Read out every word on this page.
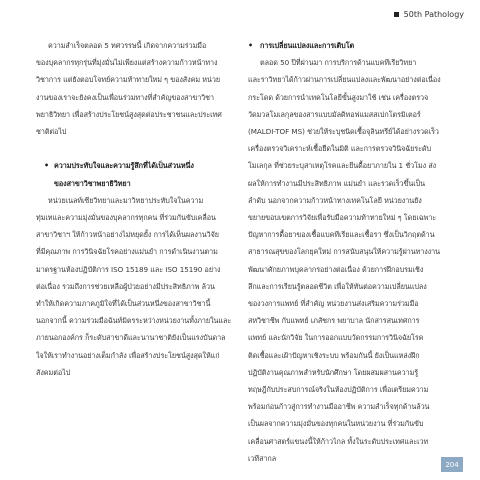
50th Pathology

ความสำเร็จตลอด 5 ทศวรรษนี้ เกิดจากความร่วมมือ

ของบุคลากรทุกรุ่นที่มุ่งมั่นไม่เพียงแต่สร้างความก้าวหน้าทาง

วิชาการ แต่ยังตอบโจทย์ความท้าทายใหม่ ๆ ของสังคม หน่วย

งานของเราจะยังคงเป็นเพื่อนร่วมทางที่สำคัญของสาขาวิชา

พยาธิวิทยา เพื่อสร้างประโยชน์สูงสุดต่อประชาชนและประเทศ

ชาติต่อไป

• ความประทับใจและความรู้สึกที่ได้เป็นส่วนหนึ่ง

ของสาขาวิชาพยาธิวิทยา

หน่วยเนลท์เซียวิทยาและมาวิทยาประทับใจในความ

ทุ่มเทและความมุ่งมั่นของบุคลากรทุกคน ที่ร่วมกันขับเคลื่อน

สาขาวิชาฯ ให้ก้าวหน้าอย่างไม่หยุดยั้ง การได้เห็นผลงานวิจัย

ที่มีคุณภาพ การวินิจฉัยโรคอย่างแม่นยำ การดำเนินงานตาม

มาตรฐานห้องปฏิบัติการ ISO 15189 และ ISO 15190 อย่าง

ต่อเนื่อง รวมถึงการช่วยเหลือผู้ป่วยอย่างมีประสิทธิภาพ ล้วน

ทำให้เกิดความภาคภูมิใจที่ได้เป็นส่วนหนึ่งของสาขาวิชานี้

นอกจากนี้ ความร่วมมือฉันท์มิตรระหว่างหน่วยงานทั้งภายในและ

ภายนอกองค์กร ก็ระดับสาขาดีและนานาชาติยังเป็นแรงบันดาล

ใจให้เราทำงานอย่างเต็มกำลัง เพื่อสร้างประโยชน์สูงสุดให้แก่

สังคมต่อไป

• การเปลี่ยนแปลงและการเติบโต

ตลอด 50 ปีที่ผ่านมา การบริการด้านแบคทีเรียวิทยา

และราวิทยาได้ก้าวผ่านการเปลี่ยนแปลงและพัฒนาอย่างต่อเนื่อง

กระโดด ด้วยการนำเทคโนโลยีขั้นสูงมาใช้ เช่น เครื่องตรวจ

วัดมวลโมเลกุลของสารแบบมัลดิทอฟแมสสเปกโตรมิเตอร์

(MALDI-TOF MS) ช่วยให้ระบุชนิดเชื้อจุลินทรีย์ได้อย่างรวดเร็ว

เครื่องตรวจวิเคราะห์เชื้อยืดในมิติ และการตรวจวินิจฉัยระดับ

โมเลกุล ที่ช่วยระบุสาเหตุโรคและยีนดื้อยาภายใน 1 ชั่วโมง ส่ง

ผลให้การทำงานมีประสิทธิภาพ แม่นยำ และรวดเร็วขึ้นเป็น

ลำดับ นอกจากความก้าวหน้าทางเทคโนโลยี หน่วยงานยัง

ขยายขอบเขตการวิจัยเพื่อรับมือความท้าทายใหม่ ๆ โดยเฉพาะ

ปัญหาการดื้อยาของเชื้อแบคทีเรียและเชื้อรา ซึ่งเป็นวิกฤตด้าน

สาธารณสุขของโลกยุคใหม่ การสนับสนุนให้ความรู้ผ่านทางงาน

พัฒนาศักยภาพบุคลากรอย่างต่อเนื่อง ด้วยการฝึกอบรมเชิง

ลึกและการเรียนรู้ตลอดชีวิต เพื่อให้ทันต่อความเปลี่ยนแปลง

ของวงการแพทย์ ที่สำคัญ หน่วยงานส่งเสริมความร่วมมือ

สหวิชาชีพ กับแพทย์ เภสัชกร พยาบาล นักสารสนเทศการ

แพทย์ และนักวิจัย ในการออกแบบวัดกรรมการวินิจฉัยโรค

ติดเชื้อและเฝ้าปัญหาเชิงระบบ พร้อมกันนี้ ยังเป็นแหล่งฝึก

ปฏิบัติงานคุณภาพสำหรับนักศึกษา โดยผสมผสานความรู้

ทฤษฎีกับประสบการณ์จริงในห้องปฏิบัติการ เพื่อเตรียมความ

พร้อมก่อนก้าวสู่การทำงานมืออาชีพ ความสำเร็จทุกด้านล้วน

เป็นผลจากความมุ่งมั่นของทุกคนในหน่วยงาน ที่ร่วมกันขับ

เคลื่อนศาสตร์แขนงนี้ให้ก้าวไกล ทั้งในระดับประเทศและเวท

เวทีสากล

204
